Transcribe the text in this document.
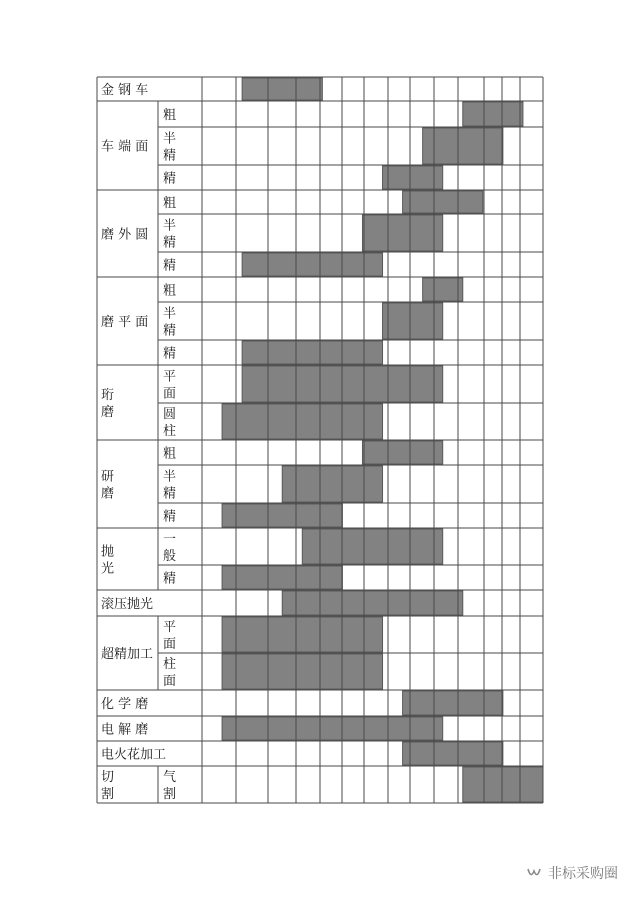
金 钢 车
车 端 面
粗
半
精
精
磨 外 圆
粗
半
精
精
磨 平 面
粗
半
精
精
珩
磨
平
面
圆
柱
研
磨
粗
半
精
精
抛
光
一
般
精
滚压抛光
超精加工
平
面
柱
面
化 学 磨
电 解 磨
电火花加工
切
割
气
割
非标采购圈
